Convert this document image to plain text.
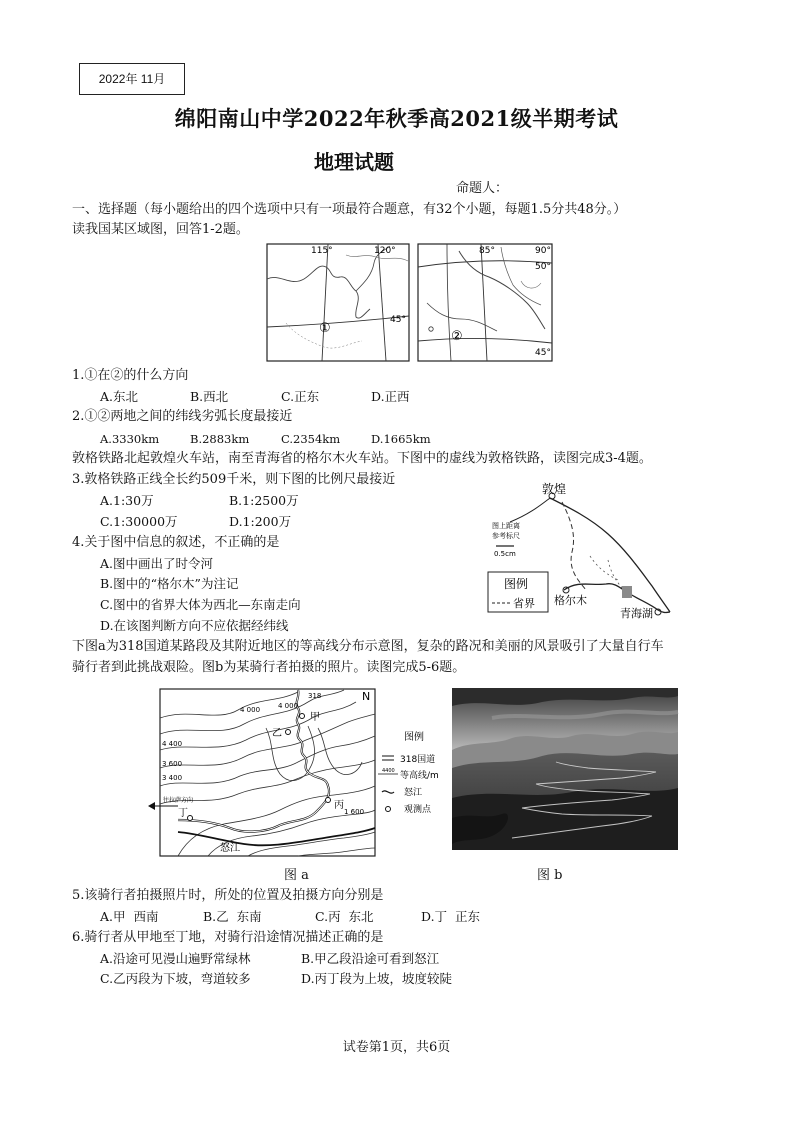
2022年 11月
绵阳南山中学2022年秋季高2021级半期考试
地理试题
命题人：
一、选择题（每小题给出的四个选项中只有一项最符合题意，有32个小题，每题1.5分共48分。）
读我国某区域图，回答1-2题。
115°	120°
45°
①
85°	90°
50°
45°
②
1.①在②的什么方向
A.东北	B.西北	C.正东	D.正西
2.①②两地之间的纬线劣弧长度最接近
A.3330km	B.2883km	C.2354km	D.1665km
敦格铁路北起敦煌火车站，南至青海省的格尔木火车站。下图中的虚线为敦格铁路，读图完成3-4题。
3.敦格铁路正线全长约509千米，则下图的比例尺最接近
A.1:30万	B.1:2500万
C.1:30000万	D.1:200万
4.关于图中信息的叙述，不正确的是
A.图中画出了时令河
B.图中的“格尔木”为注记
C.图中的省界大体为西北—东南走向
D.在该图判断方向不应依据经纬线
敦煌
图上距离
参考标尺
0.5cm
图例
省界 格尔木
青海湖
下图a为318国道某路段及其附近地区的等高线分布示意图，复杂的路况和美丽的风景吸引了大量自行车
骑行者到此挑战艰险。图b为某骑行者拍摄的照片。读图完成5-6题。
往拉萨方向
N
甲
乙
丙
丁
318
4 400
4 000
3 400
3 600
4 000
1 600
怒江
图例
318国道
4400 等高线/m
怒江
观测点
图 a	图 b
5.该骑行者拍摄照片时，所处的位置及拍摄方向分别是
A.甲  西南	B.乙  东南	C.丙  东北	D.丁  正东
6.骑行者从甲地至丁地，对骑行沿途情况描述正确的是
A.沿途可见漫山遍野常绿林	B.甲乙段沿途可看到怒江
C.乙丙段为下坡，弯道较多	D.丙丁段为上坡，坡度较陡
试卷第1页，共6页
